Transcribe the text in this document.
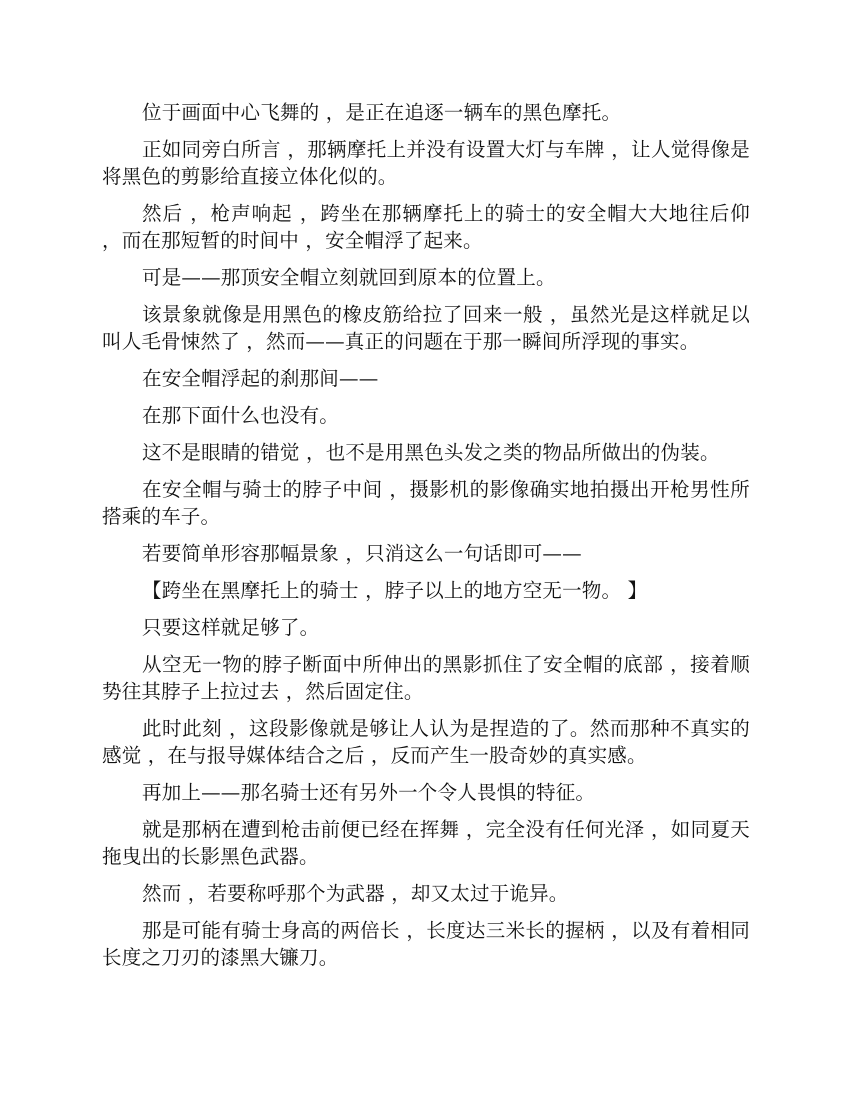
位于画面中心飞舞的 ，是正在追逐一辆车的黑色摩托。

正如同旁白所言 ，那辆摩托上并没有设置大灯与车牌 ，让人觉得像是将黑色的剪影给直接立体化似的。

然后 ，枪声响起 ，跨坐在那辆摩托上的骑士的安全帽大大地往后仰 ，而在那短暂的时间中 ，安全帽浮了起来。

可是——那顶安全帽立刻就回到原本的位置上。

该景象就像是用黑色的橡皮筋给拉了回来一般 ，虽然光是这样就足以叫人毛骨悚然了 ，然而——真正的问题在于那一瞬间所浮现的事实。

在安全帽浮起的刹那间——

在那下面什么也没有。

这不是眼睛的错觉 ，也不是用黑色头发之类的物品所做出的伪装。

在安全帽与骑士的脖子中间 ，摄影机的影像确实地拍摄出开枪男性所搭乘的车子。

若要简单形容那幅景象 ，只消这么一句话即可——

【跨坐在黑摩托上的骑士 ，脖子以上的地方空无一物。 】

只要这样就足够了。

从空无一物的脖子断面中所伸出的黑影抓住了安全帽的底部 ，接着顺势往其脖子上拉过去 ，然后固定住。

此时此刻 ，这段影像就是够让人认为是捏造的了。然而那种不真实的感觉 ，在与报导媒体结合之后 ，反而产生一股奇妙的真实感。

再加上——那名骑士还有另外一个令人畏惧的特征。

就是那柄在遭到枪击前便已经在挥舞 ，完全没有任何光泽 ，如同夏天拖曳出的长影黑色武器。

然而 ，若要称呼那个为武器 ，却又太过于诡异。

那是可能有骑士身高的两倍长 ，长度达三米长的握柄 ，以及有着相同长度之刀刃的漆黑大镰刀。
